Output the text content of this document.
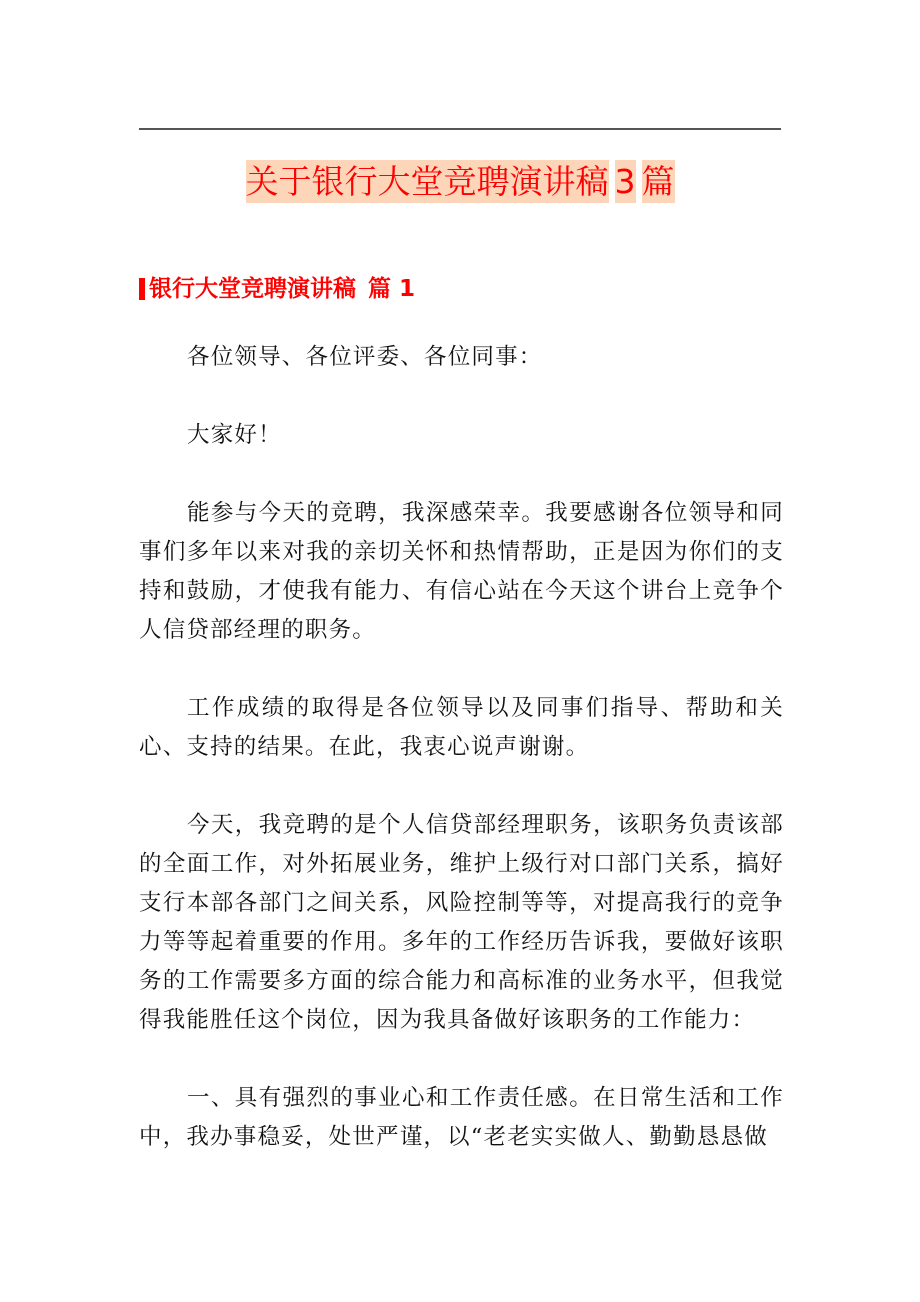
关于银行大堂竞聘演讲稿 3 篇
银行大堂竞聘演讲稿 篇 1

各位领导、各位评委、各位同事：

大家好！

能参与今天的竞聘，我深感荣幸。我要感谢各位领导和同事们多年以来对我的亲切关怀和热情帮助，正是因为你们的支持和鼓励，才使我有能力、有信心站在今天这个讲台上竞争个人信贷部经理的职务。

工作成绩的取得是各位领导以及同事们指导、帮助和关心、支持的结果。在此，我衷心说声谢谢。

今天，我竞聘的是个人信贷部经理职务，该职务负责该部的全面工作，对外拓展业务，维护上级行对口部门关系，搞好支行本部各部门之间关系，风险控制等等，对提高我行的竞争力等等起着重要的作用。多年的工作经历告诉我，要做好该职务的工作需要多方面的综合能力和高标准的业务水平，但我觉得我能胜任这个岗位，因为我具备做好该职务的工作能力：

一、具有强烈的事业心和工作责任感。在日常生活和工作中，我办事稳妥，处世严谨，以“老老实实做人、勤勤恳恳做
